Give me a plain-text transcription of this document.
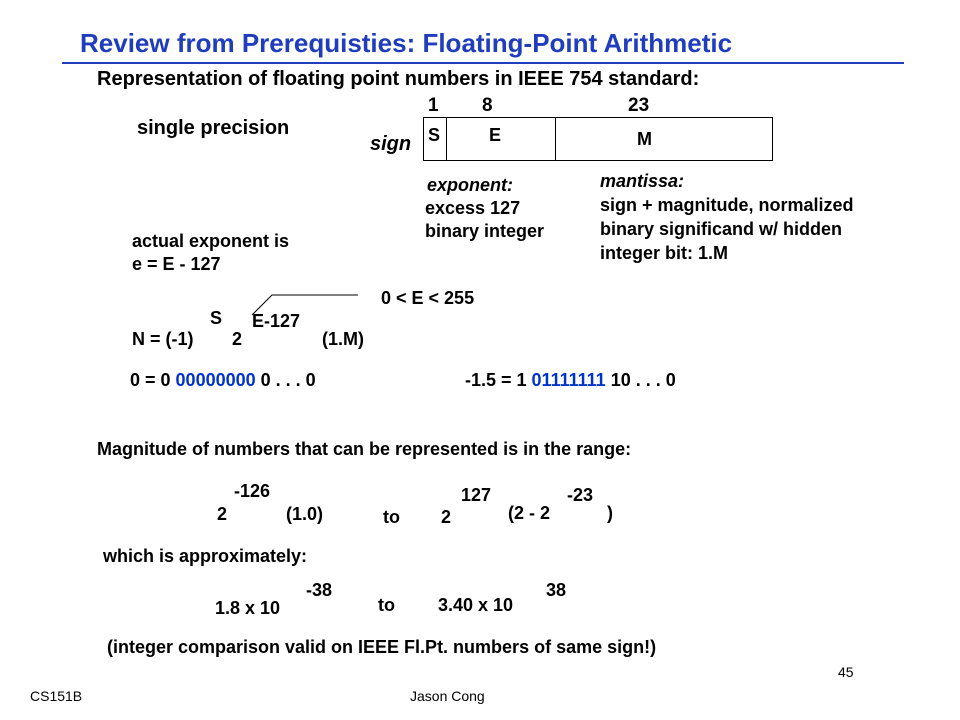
Review from Prerequisties: Floating-Point Arithmetic
Representation of floating point numbers in IEEE 754 standard:
single precision
1 8	23
sign S	E	M
exponent:
excess 127
binary integer
mantissa:
sign + magnitude, normalized
binary significand w/ hidden
integer bit: 1.M
actual exponent is
e = E - 127
0 < E < 255
N = (-1)
S
2
E-127
(1.M)
0 = 0 00000000 0 . . . 0	-1.5 = 1 01111111 10 . . . 0
Magnitude of numbers that can be represented is in the range:
2
-126
(1.0)	to 2
127
(2 - 2
-23
)
which is approximately:
1.8 x 10
-38
to 3.40 x 10
38
(integer comparison valid on IEEE Fl.Pt. numbers of same sign!)
CS151B	Jason Cong
45
